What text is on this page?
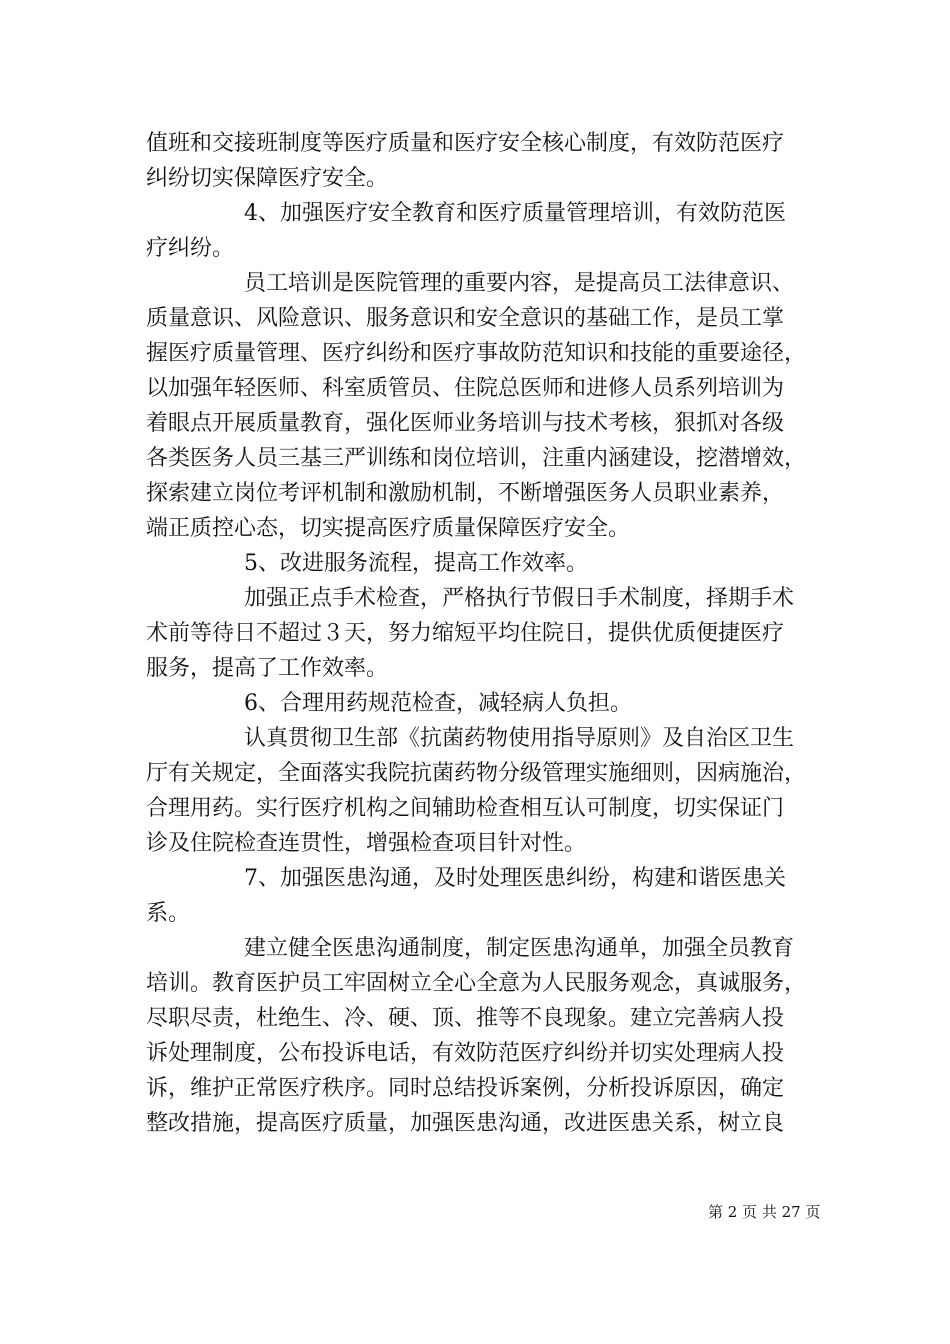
值班和交接班制度等医疗质量和医疗安全核心制度，有效防范医疗
纠纷切实保障医疗安全。
4、加强医疗安全教育和医疗质量管理培训，有效防范医
疗纠纷。
员工培训是医院管理的重要内容，是提高员工法律意识、
质量意识、风险意识、服务意识和安全意识的基础工作，是员工掌
握医疗质量管理、医疗纠纷和医疗事故防范知识和技能的重要途径，
以加强年轻医师、科室质管员、住院总医师和进修人员系列培训为
着眼点开展质量教育，强化医师业务培训与技术考核，狠抓对各级
各类医务人员三基三严训练和岗位培训，注重内涵建设，挖潜增效，
探索建立岗位考评机制和激励机制，不断增强医务人员职业素养，
端正质控心态，切实提高医疗质量保障医疗安全。
5、改进服务流程，提高工作效率。
加强正点手术检查，严格执行节假日手术制度，择期手术
术前等待日不超过３天，努力缩短平均住院日，提供优质便捷医疗
服务，提高了工作效率。
6、合理用药规范检查，减轻病人负担。
认真贯彻卫生部《抗菌药物使用指导原则》及自治区卫生
厅有关规定，全面落实我院抗菌药物分级管理实施细则，因病施治，
合理用药。实行医疗机构之间辅助检查相互认可制度，切实保证门
诊及住院检查连贯性，增强检查项目针对性。
7、加强医患沟通，及时处理医患纠纷，构建和谐医患关
系。
建立健全医患沟通制度，制定医患沟通单，加强全员教育
培训。教育医护员工牢固树立全心全意为人民服务观念，真诚服务，
尽职尽责，杜绝生、冷、硬、顶、推等不良现象。建立完善病人投
诉处理制度，公布投诉电话，有效防范医疗纠纷并切实处理病人投
诉，维护正常医疗秩序。同时总结投诉案例，分析投诉原因，确定
整改措施，提高医疗质量，加强医患沟通，改进医患关系，树立良
第 2 页 共 27 页
